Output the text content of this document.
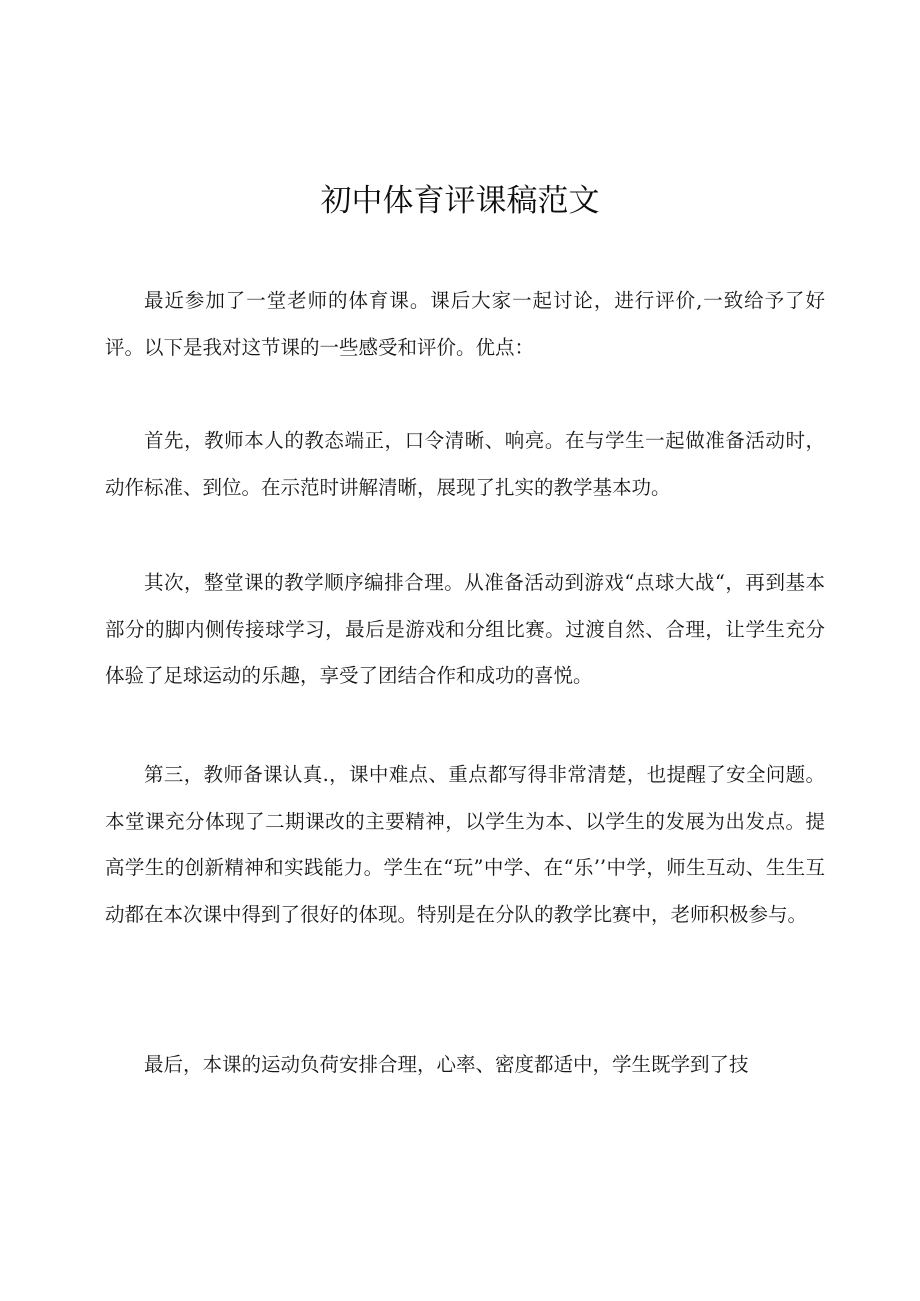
初中体育评课稿范文

最近参加了一堂老师的体育课。课后大家一起讨论，进行评价,一致给予了好评。以下是我对这节课的一些感受和评价。优点：

首先，教师本人的教态端正，口令清晰、响亮。在与学生一起做准备活动时，动作标准、到位。在示范时讲解清晰，展现了扎实的教学基本功。

其次，整堂课的教学顺序编排合理。从准备活动到游戏“点球大战“，再到基本部分的脚内侧传接球学习，最后是游戏和分组比赛。过渡自然、合理，让学生充分体验了足球运动的乐趣，享受了团结合作和成功的喜悦。

第三，教师备课认真.，课中难点、重点都写得非常清楚，也提醒了安全问题。本堂课充分体现了二期课改的主要精神，以学生为本、以学生的发展为出发点。提高学生的创新精神和实践能力。学生在“玩”中学、在“乐’’中学，师生互动、生生互动都在本次课中得到了很好的体现。特别是在分队的教学比赛中，老师积极参与。

最后，本课的运动负荷安排合理，心率、密度都适中，学生既学到了技
